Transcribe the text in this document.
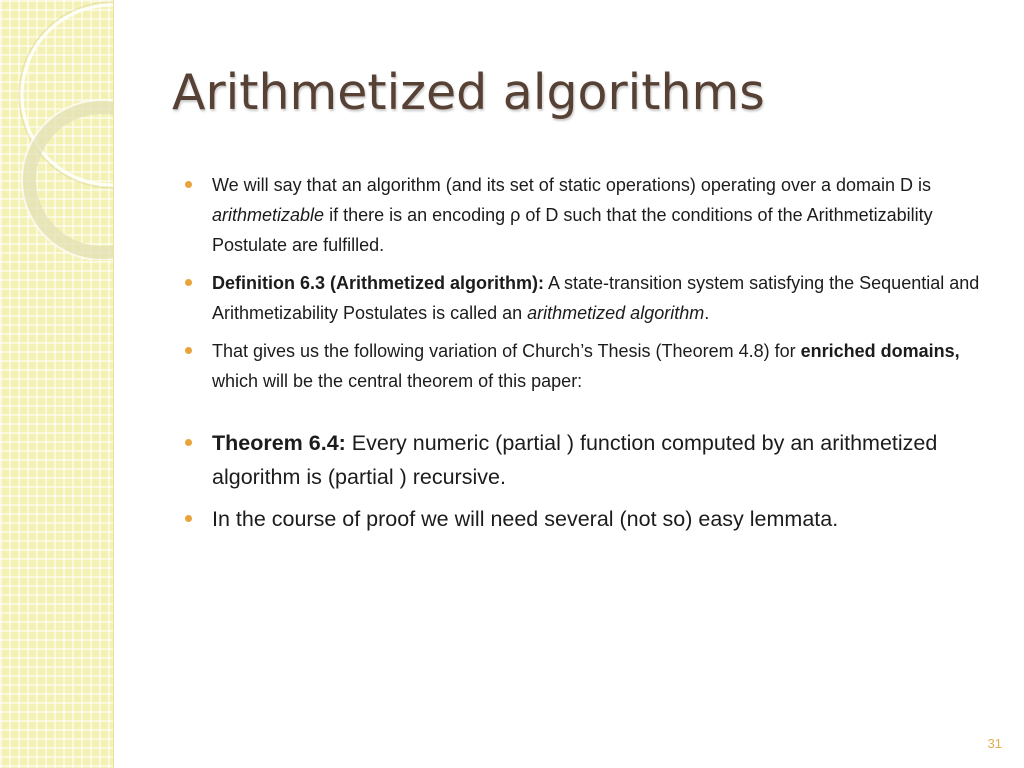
Arithmetized algorithms
We will say that an algorithm (and its set of static operations) operating over a domain D is arithmetizable if there is an encoding ρ of D such that the conditions of the Arithmetizability Postulate are fulfilled.
Definition 6.3 (Arithmetized algorithm): A state-transition system satisfying the Sequential and Arithmetizability Postulates is called an arithmetized algorithm.
That gives us the following variation of Church’s Thesis (Theorem 4.8) for enriched domains, which will be the central theorem of this paper:
Theorem 6.4: Every numeric (partial ) function computed by an arithmetized algorithm is (partial ) recursive.
In the course of proof we will need several (not so) easy lemmata.
31
